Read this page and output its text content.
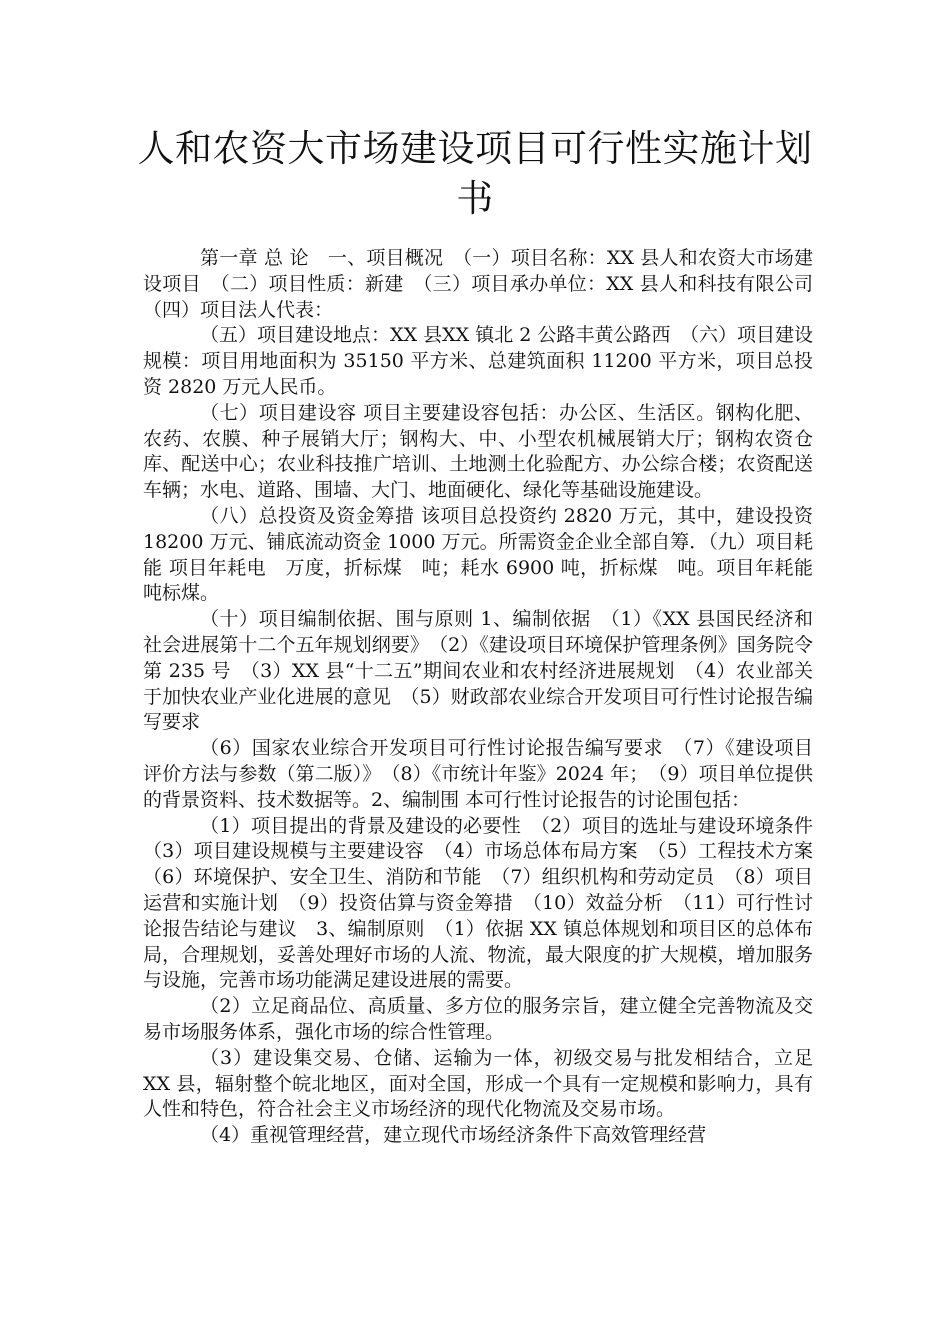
人和农资大市场建设项目可行性实施计划书

第一章 总 论　一、项目概况　（一）项目名称：XX 县人和农资大市场建设项目　（二）项目性质：新建　（三）项目承办单位：XX 县人和科技有限公司　（四）项目法人代表：

（五）项目建设地点：XX 县XX 镇北 2 公路丰黄公路西　（六）项目建设规模：项目用地面积为 35150 平方米、总建筑面积 11200 平方米，项目总投资 2820 万元人民币。

（七）项目建设容 项目主要建设容包括：办公区、生活区。钢构化肥、农药、农膜、种子展销大厅；钢构大、中、小型农机械展销大厅；钢构农资仓库、配送中心；农业科技推广培训、土地测土化验配方、办公综合楼；农资配送车辆；水电、道路、围墙、大门、地面硬化、绿化等基础设施建设。

（八）总投资及资金筹措 该项目总投资约 2820 万元，其中，建设投资 18200 万元、铺底流动资金 1000 万元。所需资金企业全部自筹．（九）项目耗能 项目年耗电　万度，折标煤　吨；耗水 6900 吨，折标煤　吨。项目年耗能　吨标煤。

（十）项目编制依据、围与原则 1、编制依据　（1）《XX 县国民经济和社会进展第十二个五年规划纲要》　（2）《建设项目环境保护管理条例》国务院令第 235 号　（3）XX 县“十二五”期间农业和农村经济进展规划　（4）农业部关于加快农业产业化进展的意见　（5）财政部农业综合开发项目可行性讨论报告编写要求

（6）国家农业综合开发项目可行性讨论报告编写要求　（7）《建设项目评价方法与参数（第二版）》　（8）《市统计年鉴》2024 年；　（9）项目单位提供的背景资料、技术数据等。2、编制围 本可行性讨论报告的讨论围包括：

（1）项目提出的背景及建设的必要性　（2）项目的选址与建设环境条件　（3）项目建设规模与主要建设容　（4）市场总体布局方案　（5）工程技术方案　（6）环境保护、安全卫生、消防和节能　（7）组织机构和劳动定员　（8）项目运营和实施计划　（9）投资估算与资金筹措　（10）效益分析　（11）可行性讨论报告结论与建议　3、编制原则　（1）依据 XX 镇总体规划和项目区的总体布局，合理规划，妥善处理好市场的人流、物流，最大限度的扩大规模，增加服务与设施，完善市场功能满足建设进展的需要。

（2）立足商品位、高质量、多方位的服务宗旨，建立健全完善物流及交易市场服务体系，强化市场的综合性管理。

（3）建设集交易、仓储、运输为一体，初级交易与批发相结合，立足 XX 县，辐射整个皖北地区，面对全国，形成一个具有一定规模和影响力，具有人性和特色，符合社会主义市场经济的现代化物流及交易市场。

（4）重视管理经营，建立现代市场经济条件下高效管理经营
